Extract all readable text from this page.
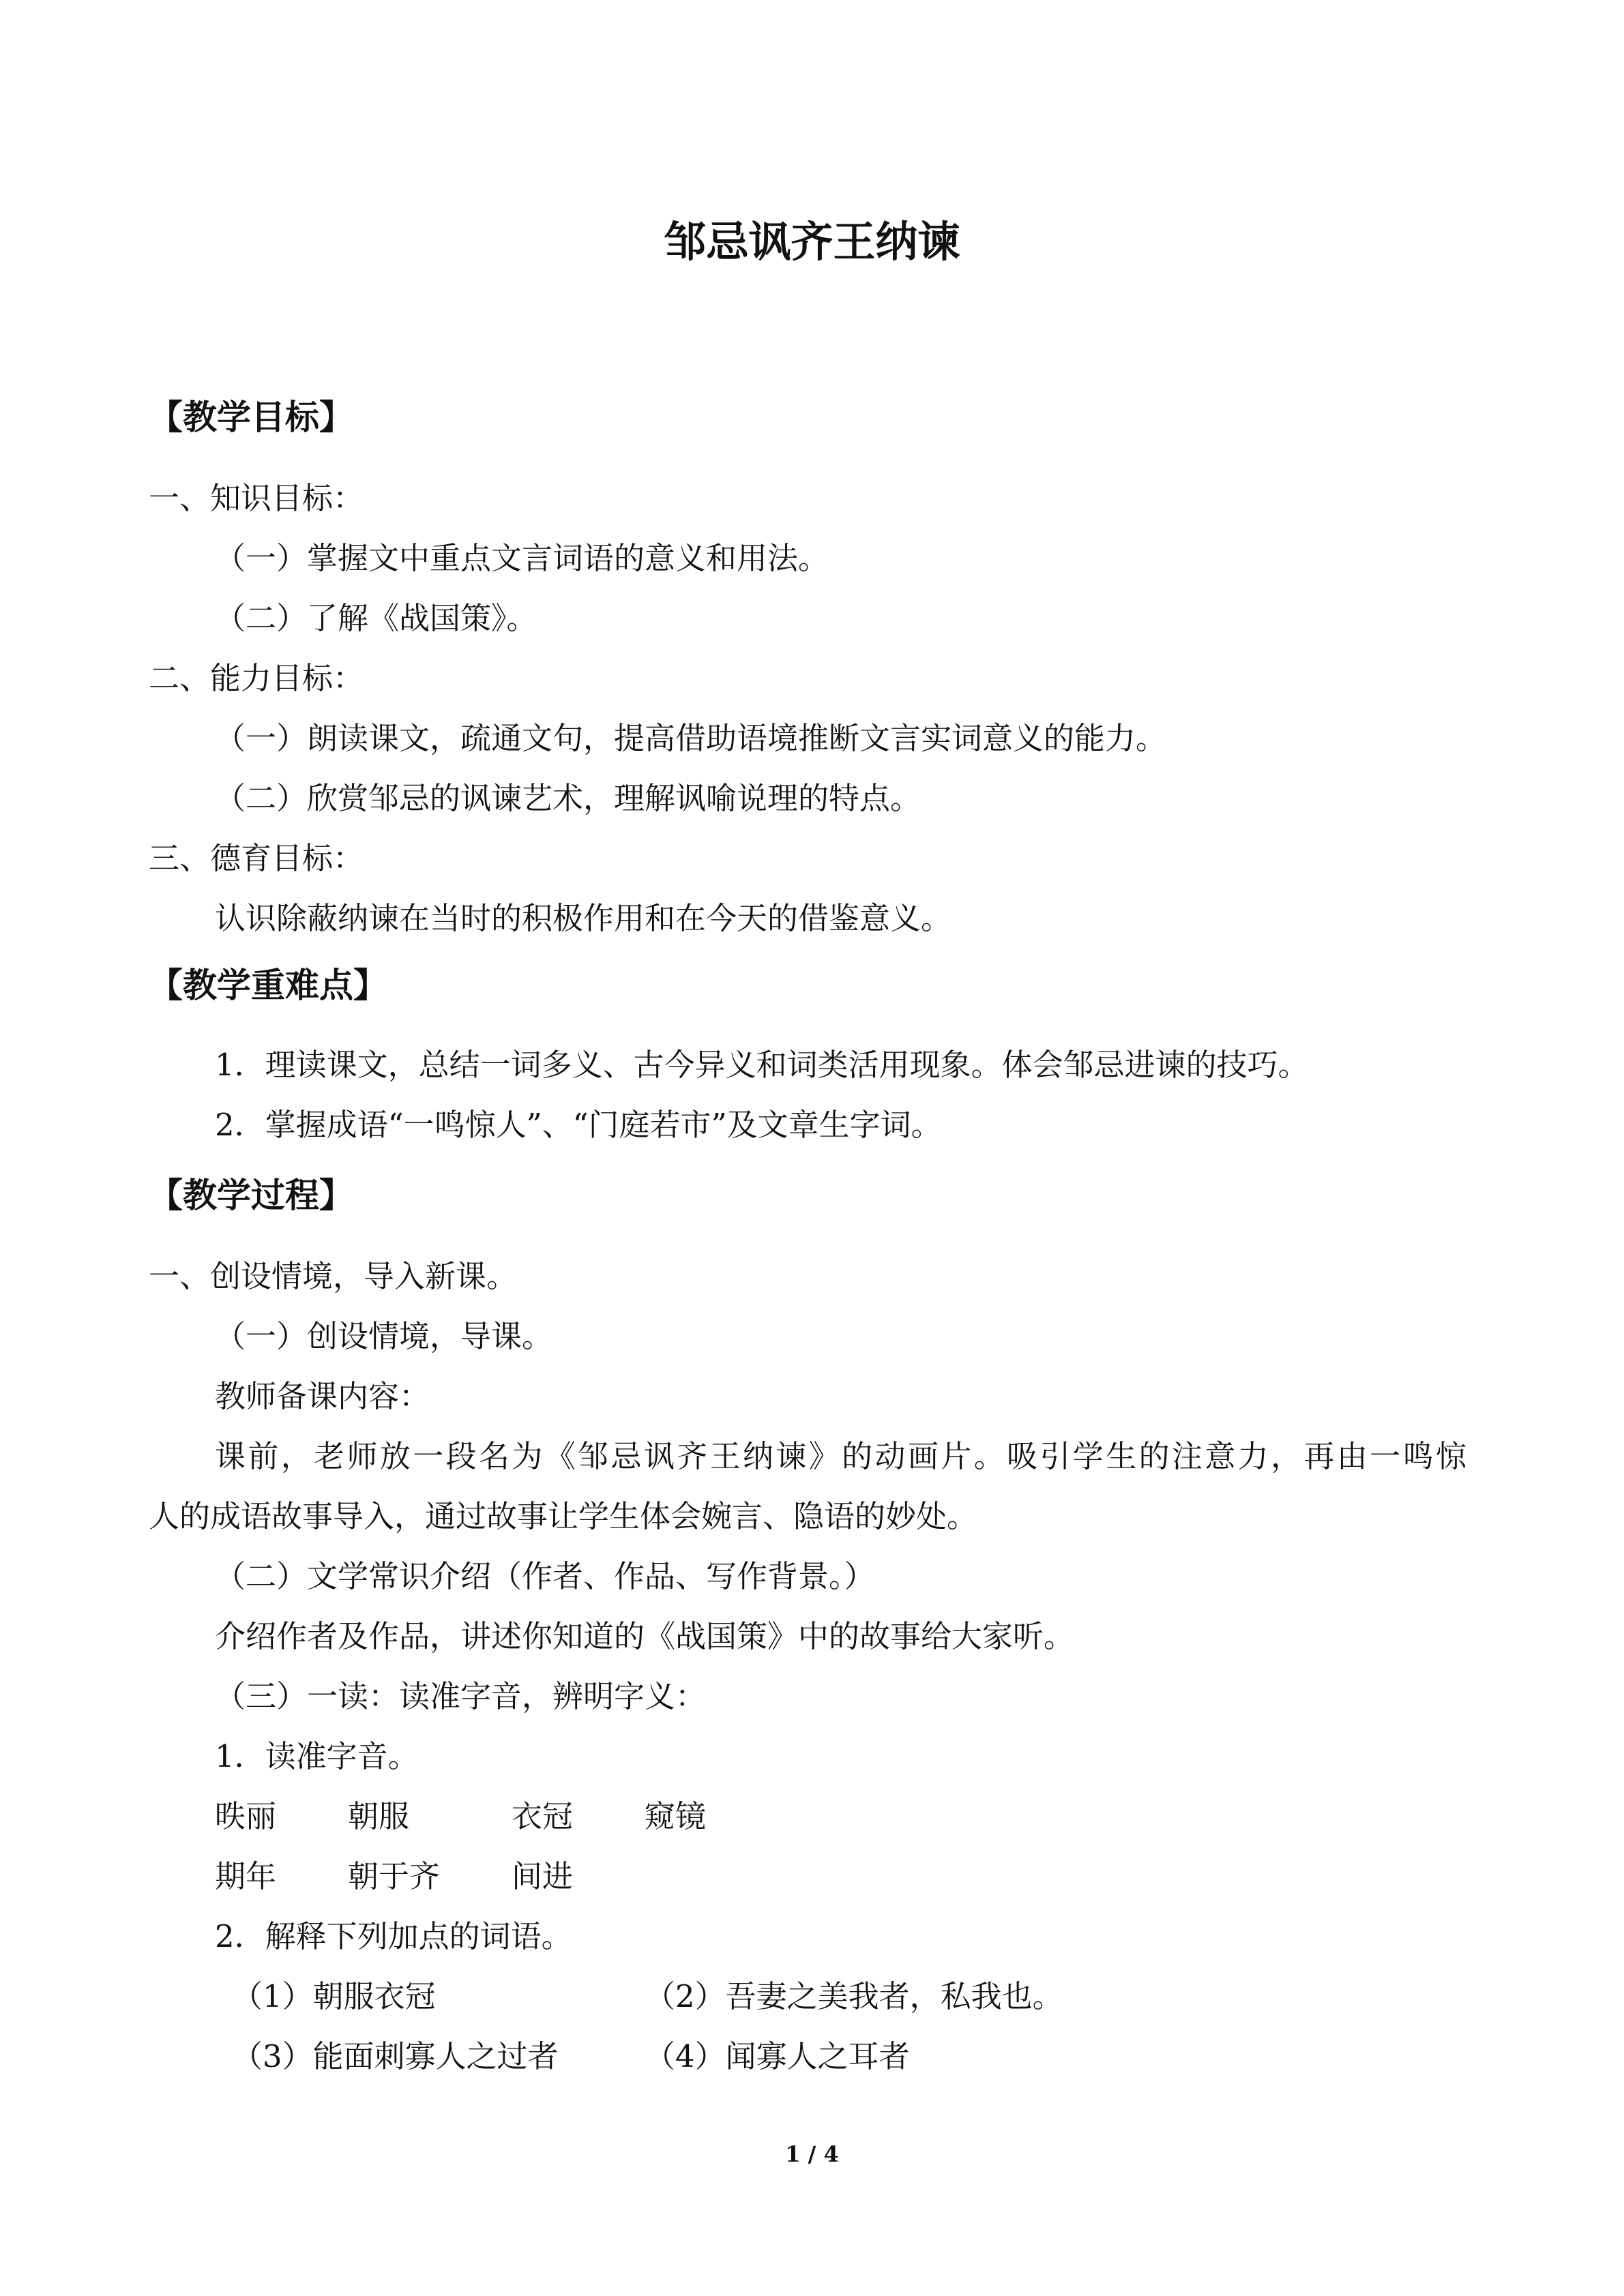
邹忌讽齐王纳谏
【教学目标】
一、知识目标：
（一）掌握文中重点文言词语的意义和用法。
（二）了解《战国策》。
二、能力目标：
（一）朗读课文，疏通文句，提高借助语境推断文言实词意义的能力。
（二）欣赏邹忌的讽谏艺术，理解讽喻说理的特点。
三、德育目标：
认识除蔽纳谏在当时的积极作用和在今天的借鉴意义。
【教学重难点】
1．理读课文，总结一词多义、古今异义和词类活用现象。体会邹忌进谏的技巧。
2．掌握成语“一鸣惊人”、“门庭若市”及文章生字词。
【教学过程】
一、创设情境，导入新课。
（一）创设情境，导课。
教师备课内容：
课前，老师放一段名为《邹忌讽齐王纳谏》的动画片。吸引学生的注意力，再由一鸣惊
人的成语故事导入，通过故事让学生体会婉言、隐语的妙处。
（二）文学常识介绍（作者、作品、写作背景。）
介绍作者及作品，讲述你知道的《战国策》中的故事给大家听。
（三）一读：读准字音，辨明字义：
1．读准字音。
昳丽 朝服	衣冠 窥镜
期年 朝于齐 间进
2．解释下列加点的词语。
（1）朝服衣冠	（2）吾妻之美我者，私我也。
（3）能面刺寡人之过者	（4）闻寡人之耳者
1 / 4
